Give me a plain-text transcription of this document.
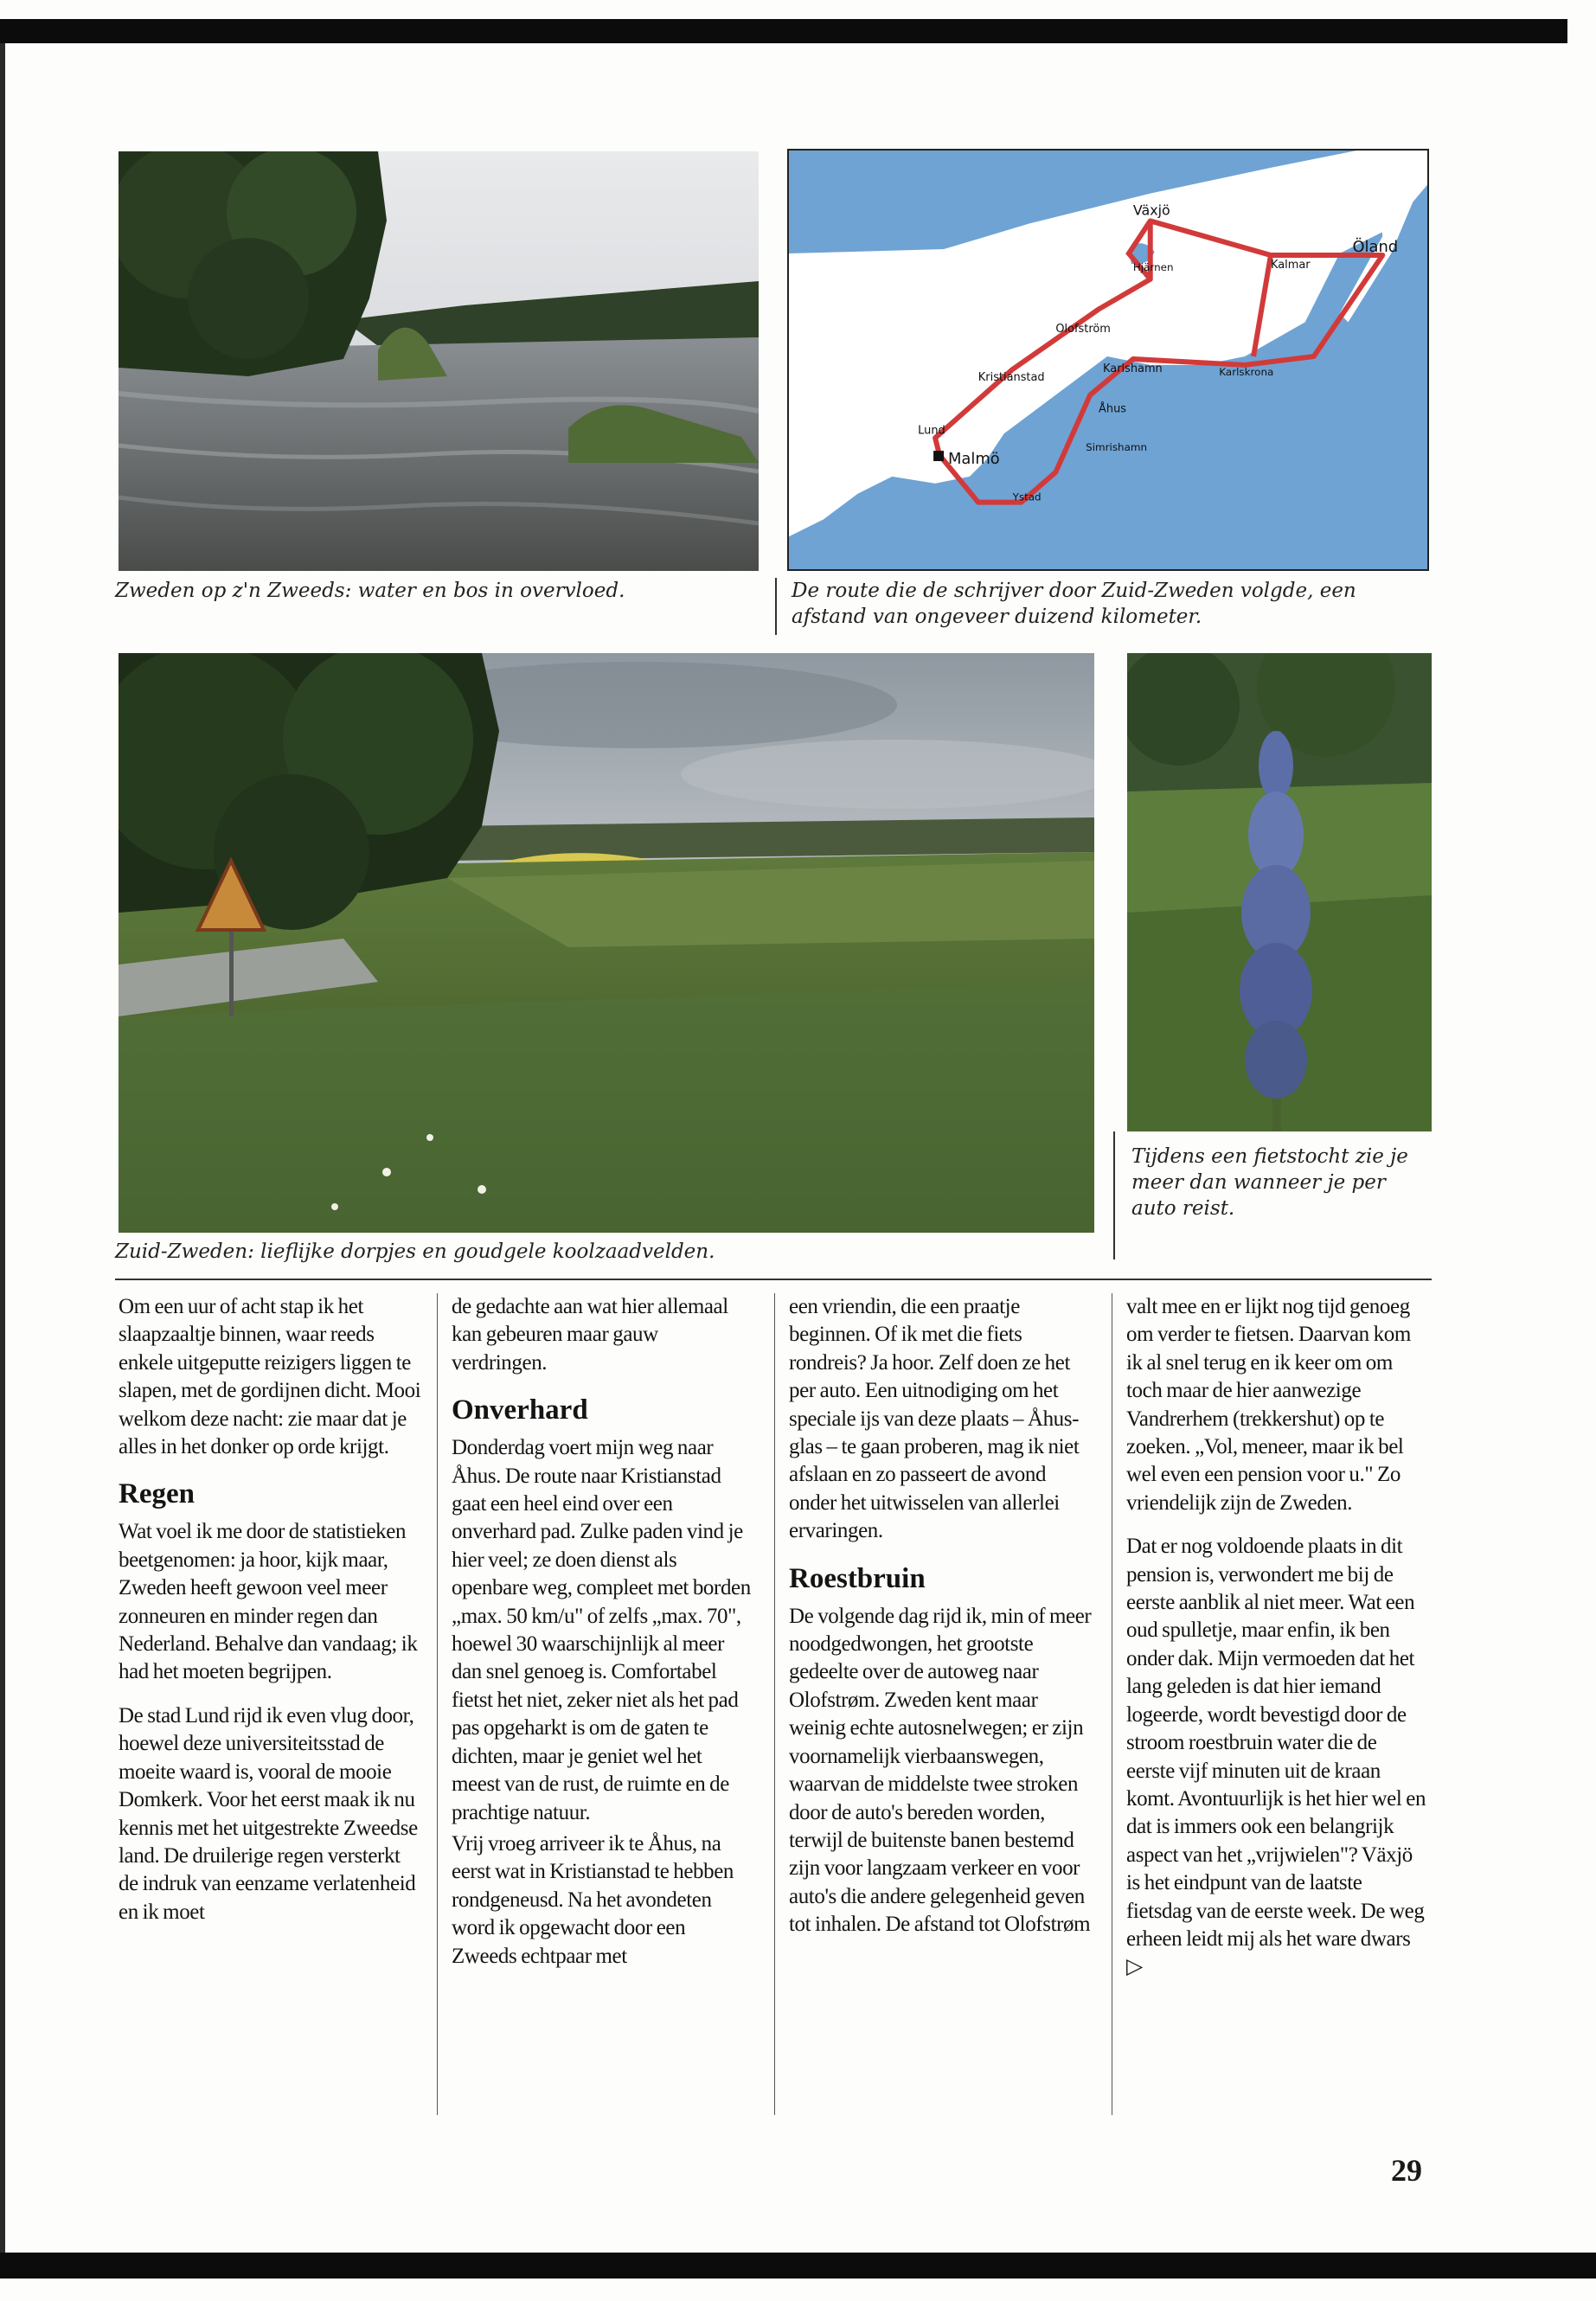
Växjö
Öland
Kalmar
Hjärnen
Olofström
Kristianstad
Karlshamn	Karlskrona
Åhus
Lund
Malmö
Simrishamn
Ystad
Zweden op z'n Zweeds: water en bos in overvloed.	De route die de schrijver door Zuid-Zweden volgde, een afstand van ongeveer duizend kilometer.
Tijdens een fietstocht zie je meer dan wanneer je per auto reist.
Zuid-Zweden: lieflijke dorpjes en goudgele koolzaadvelden.

Om een uur of acht stap ik het slaapzaaltje binnen, waar reeds enkele uitgeputte reizigers liggen te slapen, met de gordijnen dicht. Mooi welkom deze nacht: zie maar dat je alles in het donker op orde krijgt.

Regen

Wat voel ik me door de statistieken beetgenomen: ja hoor, kijk maar, Zweden heeft gewoon veel meer zonneuren en minder regen dan Nederland. Behalve dan vandaag; ik had het moeten begrijpen.

De stad Lund rijd ik even vlug door, hoewel deze universiteitsstad de moeite waard is, vooral de mooie Domkerk. Voor het eerst maak ik nu kennis met het uitgestrekte Zweedse land. De druilerige regen versterkt de indruk van eenzame verlatenheid en ik moet

de gedachte aan wat hier allemaal kan gebeuren maar gauw verdringen.

Onverhard

Donderdag voert mijn weg naar Åhus. De route naar Kristianstad gaat een heel eind over een onverhard pad. Zulke paden vind je hier veel; ze doen dienst als openbare weg, compleet met borden „max. 50 km/u" of zelfs „max. 70", hoewel 30 waarschijnlijk al meer dan snel genoeg is. Comfortabel fietst het niet, zeker niet als het pad pas opgeharkt is om de gaten te dichten, maar je geniet wel het meest van de rust, de ruimte en de prachtige natuur.

Vrij vroeg arriveer ik te Åhus, na eerst wat in Kristianstad te hebben rondgeneusd. Na het avondeten word ik opgewacht door een Zweeds echtpaar met

een vriendin, die een praatje beginnen. Of ik met die fiets rondreis? Ja hoor. Zelf doen ze het per auto. Een uitnodiging om het speciale ijs van deze plaats – Åhus-glas – te gaan proberen, mag ik niet afslaan en zo passeert de avond onder het uitwisselen van allerlei ervaringen.

Roestbruin

De volgende dag rijd ik, min of meer noodgedwongen, het grootste gedeelte over de autoweg naar Olofstrøm. Zweden kent maar weinig echte autosnelwegen; er zijn voornamelijk vierbaanswegen, waarvan de middelste twee stroken door de auto's bereden worden, terwijl de buitenste banen bestemd zijn voor langzaam verkeer en voor auto's die andere gelegenheid geven tot inhalen. De afstand tot Olofstrøm

valt mee en er lijkt nog tijd genoeg om verder te fietsen. Daarvan kom ik al snel terug en ik keer om om toch maar de hier aanwezige Vandrerhem (trekkershut) op te zoeken. „Vol, meneer, maar ik bel wel even een pension voor u." Zo vriendelijk zijn de Zweden.

Dat er nog voldoende plaats in dit pension is, verwondert me bij de eerste aanblik al niet meer. Wat een oud spulletje, maar enfin, ik ben onder dak. Mijn vermoeden dat het lang geleden is dat hier iemand logeerde, wordt bevestigd door de stroom roestbruin water die de eerste vijf minuten uit de kraan komt. Avontuurlijk is het hier wel en dat is immers ook een belangrijk aspect van het „vrijwielen"? Växjö is het eindpunt van de laatste fietsdag van de eerste week. De weg erheen leidt mij als het ware dwars ▷

29
